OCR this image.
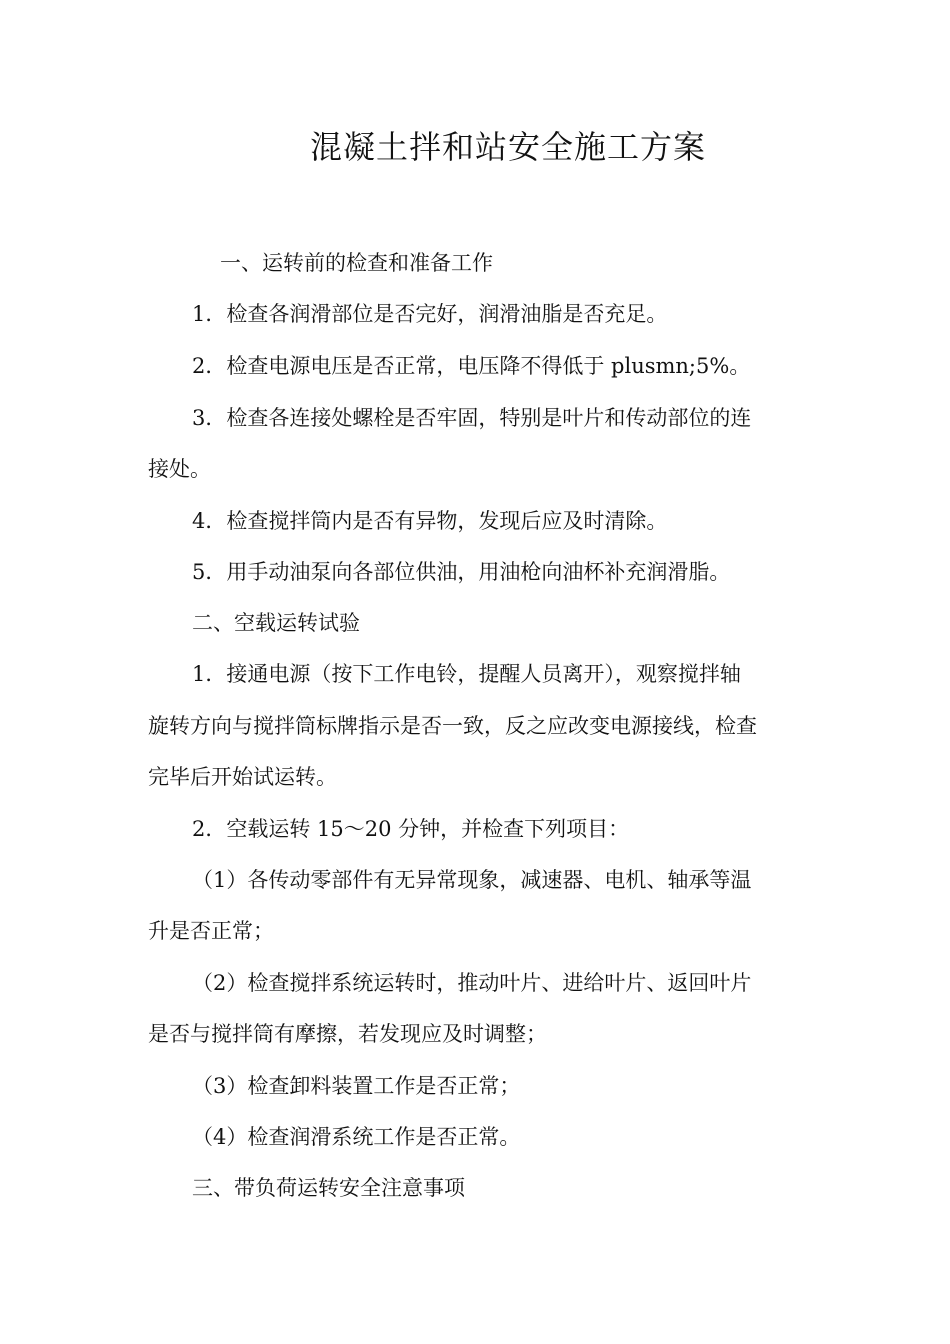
混凝土拌和站安全施工方案
一、运转前的检查和准备工作
1．检查各润滑部位是否完好，润滑油脂是否充足。
2．检查电源电压是否正常，电压降不得低于 plusmn;5%。
3．检查各连接处螺栓是否牢固，特别是叶片和传动部位的连
接处。
4．检查搅拌筒内是否有异物，发现后应及时清除。
5．用手动油泵向各部位供油，用油枪向油杯补充润滑脂。
二、空载运转试验
1．接通电源（按下工作电铃，提醒人员离开），观察搅拌轴
旋转方向与搅拌筒标牌指示是否一致，反之应改变电源接线，检查
完毕后开始试运转。
2．空载运转 15～20 分钟，并检查下列项目：
（1）各传动零部件有无异常现象，减速器、电机、轴承等温
升是否正常；
（2）检查搅拌系统运转时，推动叶片、进给叶片、返回叶片
是否与搅拌筒有摩擦，若发现应及时调整；
（3）检查卸料装置工作是否正常；
（4）检查润滑系统工作是否正常。
三、带负荷运转安全注意事项
